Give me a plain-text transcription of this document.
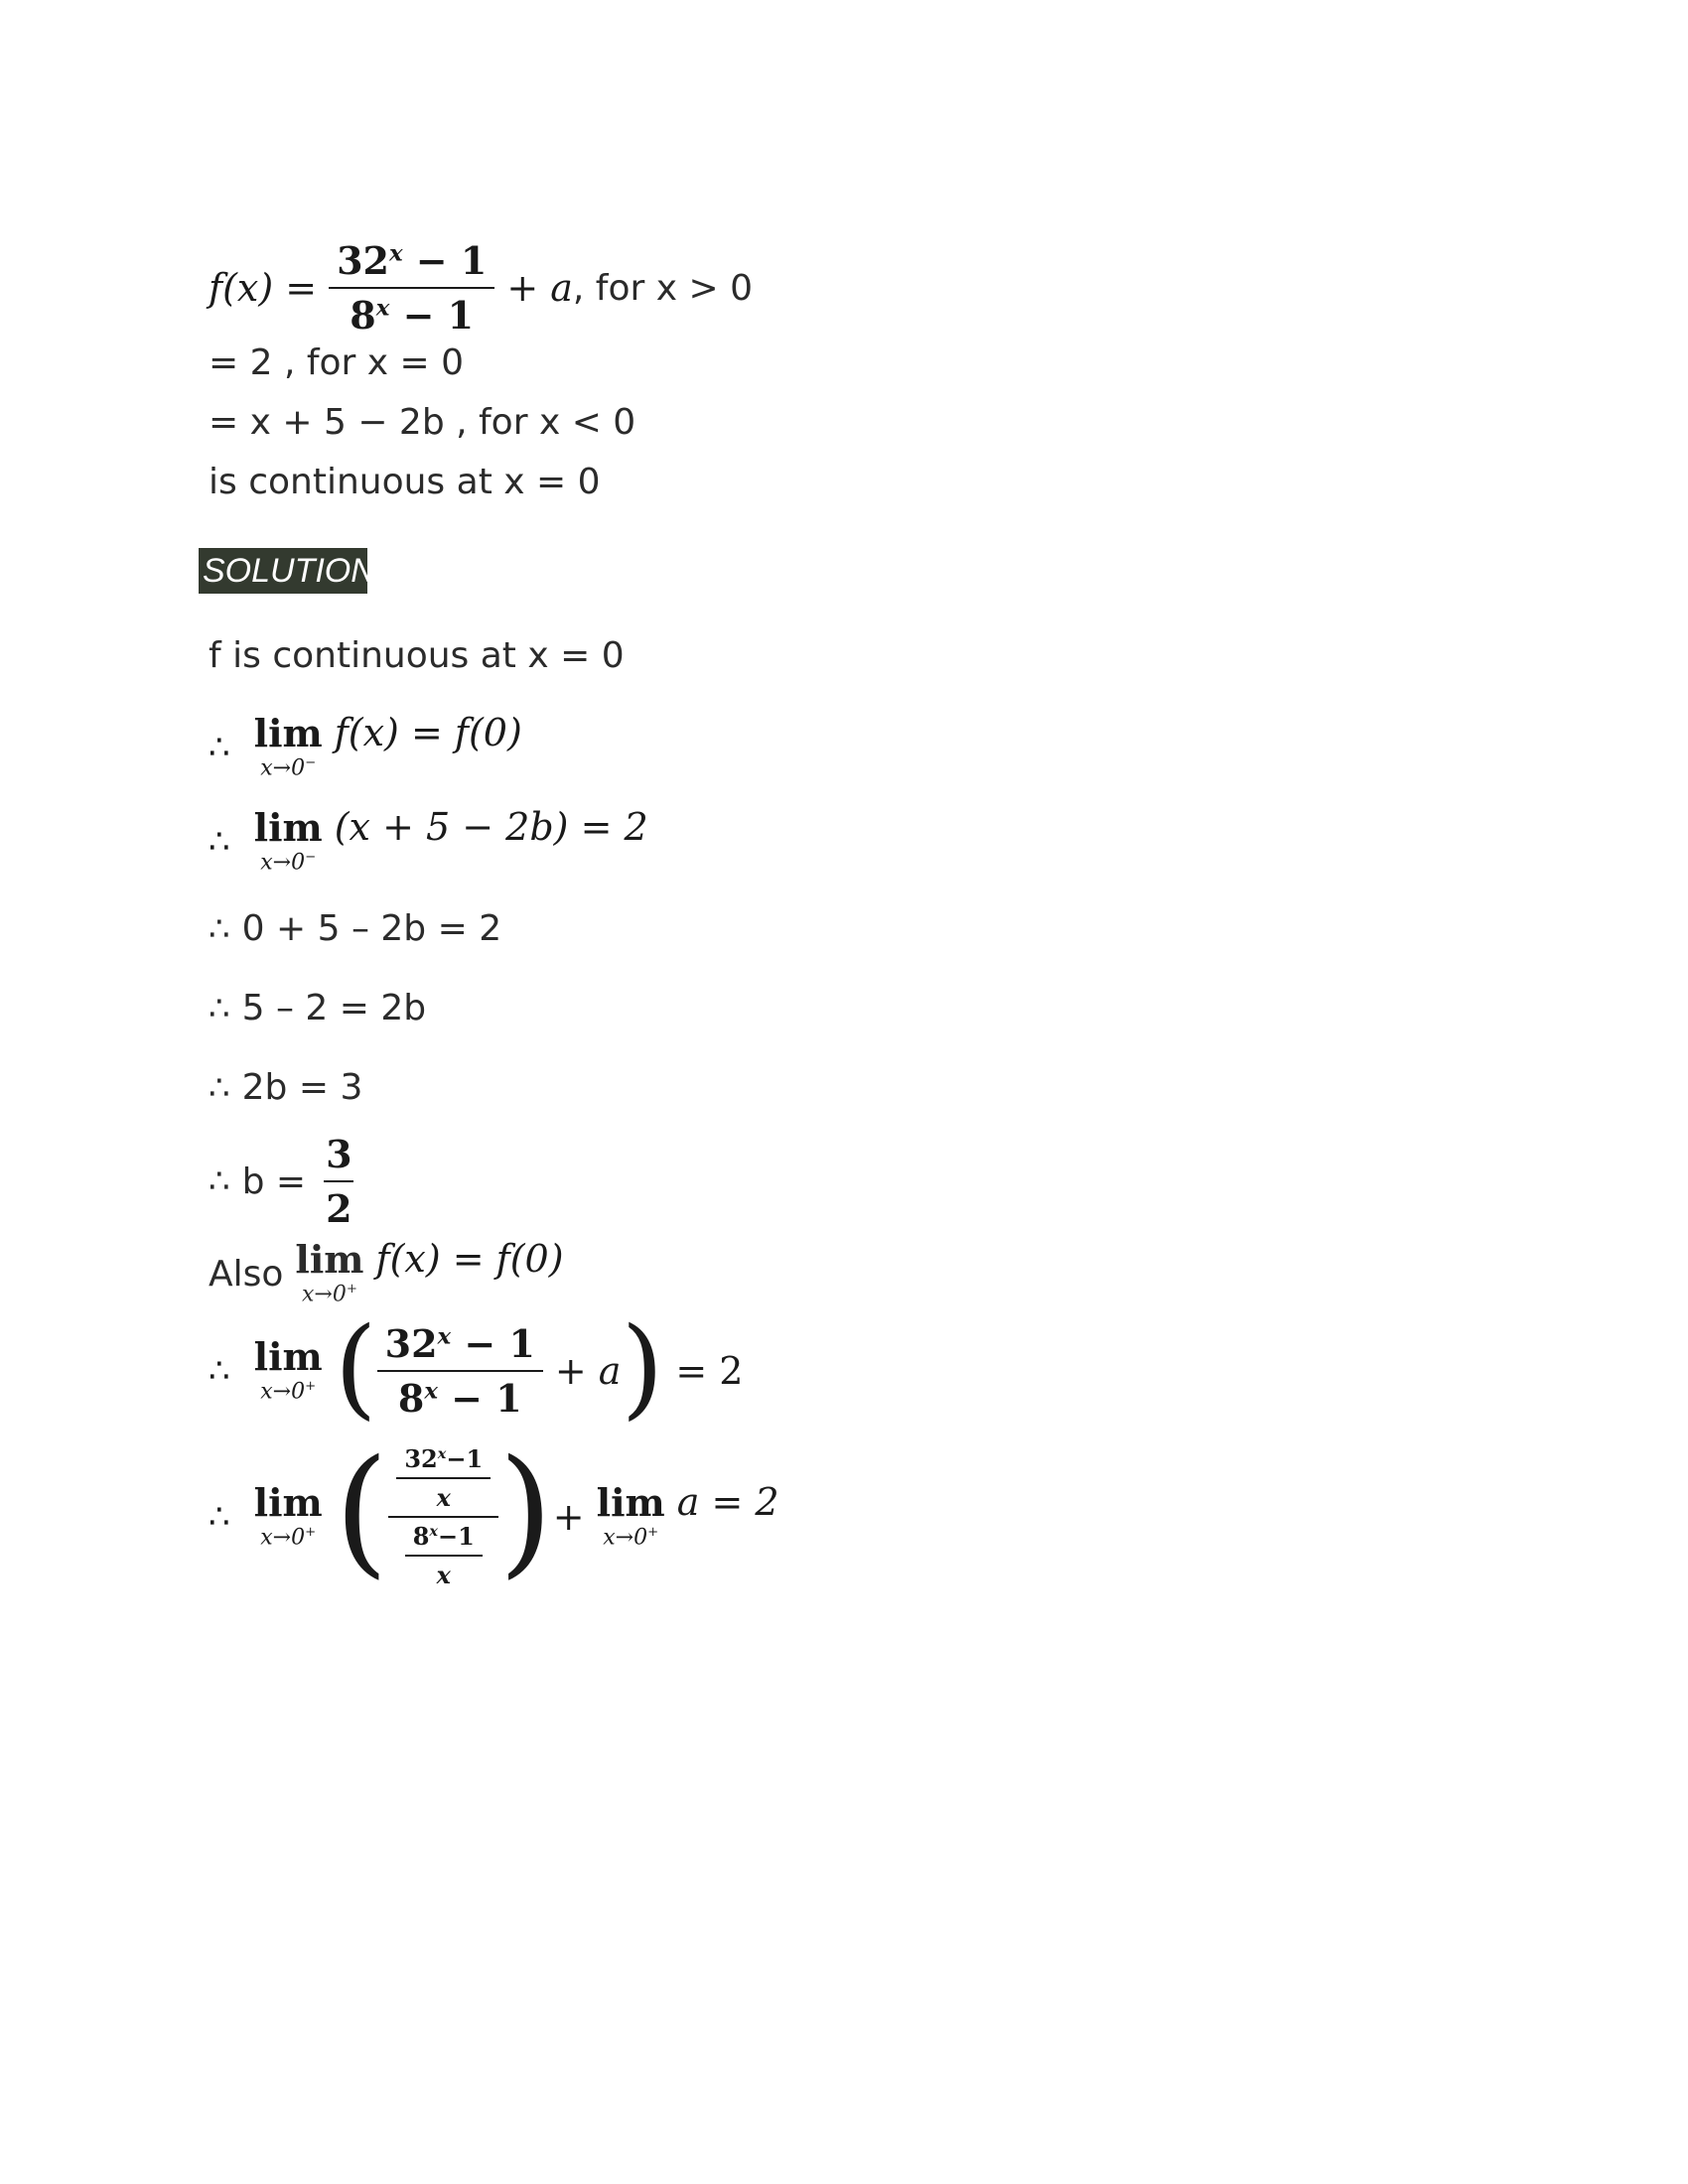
$f(x) = \frac{32^x - 1}{8^x - 1} + a$ , for x > 0
= 2 , for x = 0
= x + 5 − 2b , for x < 0
is continuous at x = 0
SOLUTION
f is continuous at x = 0
∴ lim
x→0−
f(x) = f(0)
∴ lim
x→0−
(x + 5 − 2b) = 2
∴ 0 + 5 – 2b = 2
∴ 5 – 2 = 2b
∴ 2b = 3
∴ $b = \frac{3}{2}$
Also lim
x→0+
f(x) = f(0)
∴ lim
x→0+ ( $\frac{32^x - 1}{8^x - 1} + a$ ) = 2
∴ lim
x→0+ ( $\frac{\frac{32^x-1}{x}}{\frac{8^x-1}{x}}$ ) + lim
x→0+
a = 2
